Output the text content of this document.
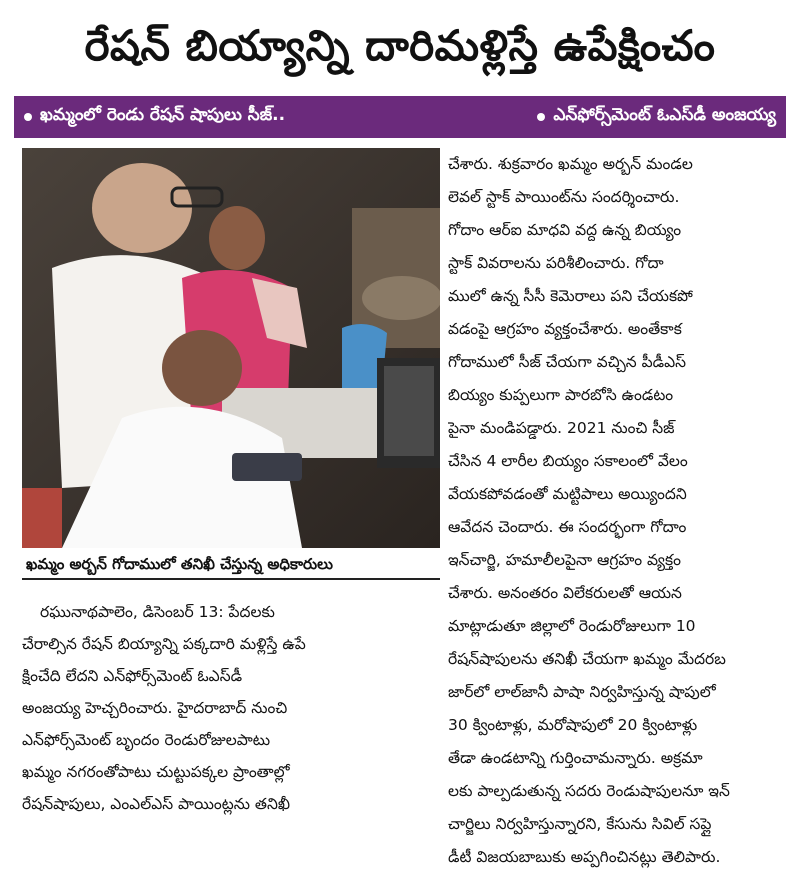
రేషన్ బియ్యాన్ని దారిమళ్లిస్తే ఉపేక్షించం
ఖమ్మంలో రెండు రేషన్ షాపులు సీజ్..	ఎన్‌ఫోర్స్‌మెంట్ ఓఎస్‌డీ అంజయ్య
ఖమ్మం అర్బన్ గోదాములో తనిఖీ చేస్తున్న అధికారులు
రఘునాథపాలెం, డిసెంబర్ 13: పేదలకు
చేరాల్సిన రేషన్ బియ్యాన్ని పక్కదారి మళ్లిస్తే ఉపే
క్షించేది లేదని ఎన్‌ఫోర్స్‌మెంట్ ఓఎస్‌డీ
అంజయ్య హెచ్చరించారు. హైదరాబాద్ నుంచి
ఎన్‌ఫోర్స్‌మెంట్ బృందం రెండురోజులపాటు
ఖమ్మం నగరంతోపాటు చుట్టుపక్కల ప్రాంతాల్లో
రేషన్‌షాపులు, ఎంఎల్‌ఎస్ పాయింట్లను తనిఖీ
చేశారు. శుక్రవారం ఖమ్మం అర్బన్ మండల
లెవల్ స్టాక్ పాయింట్‌ను సందర్శించారు.
గోదాం ఆర్‌ఐ మాధవి వద్ద ఉన్న బియ్యం
స్టాక్ వివరాలను పరిశీలించారు. గోదా
ములో ఉన్న సీసీ కెమెరాలు పని చేయకపో
వడంపై ఆగ్రహం వ్యక్తంచేశారు. అంతేకాక
గోదాములో సీజ్ చేయగా వచ్చిన పీడీఎస్
బియ్యం కుప్పలుగా పారబోసి ఉండటం
పైనా మండిపడ్డారు. 2021 నుంచి సీజ్
చేసిన 4 లారీల బియ్యం సకాలంలో వేలం
వేయకపోవడంతో మట్టిపాలు అయ్యిందని
ఆవేదన చెందారు. ఈ సందర్భంగా గోదాం
ఇన్‌చార్జి, హమాలీలపైనా ఆగ్రహం వ్యక్తం
చేశారు. అనంతరం విలేకరులతో ఆయన
మాట్లాడుతూ జిల్లాలో రెండురోజులుగా 10
రేషన్‌షాపులను తనిఖీ చేయగా ఖమ్మం మేదరబ
జార్‌లో లాల్‌జానీ పాషా నిర్వహిస్తున్న షాపులో
30 క్వింటాళ్లు, మరోషాపులో 20 క్వింటాళ్లు
తేడా ఉండటాన్ని గుర్తించామన్నారు. అక్రమా
లకు పాల్పడుతున్న సదరు రెండుషాపులనూ ఇన్
చార్జిలు నిర్వహిస్తున్నారని, కేసును సివిల్ సప్లై
డీటీ విజయబాబుకు అప్పగించినట్లు తెలిపారు.
